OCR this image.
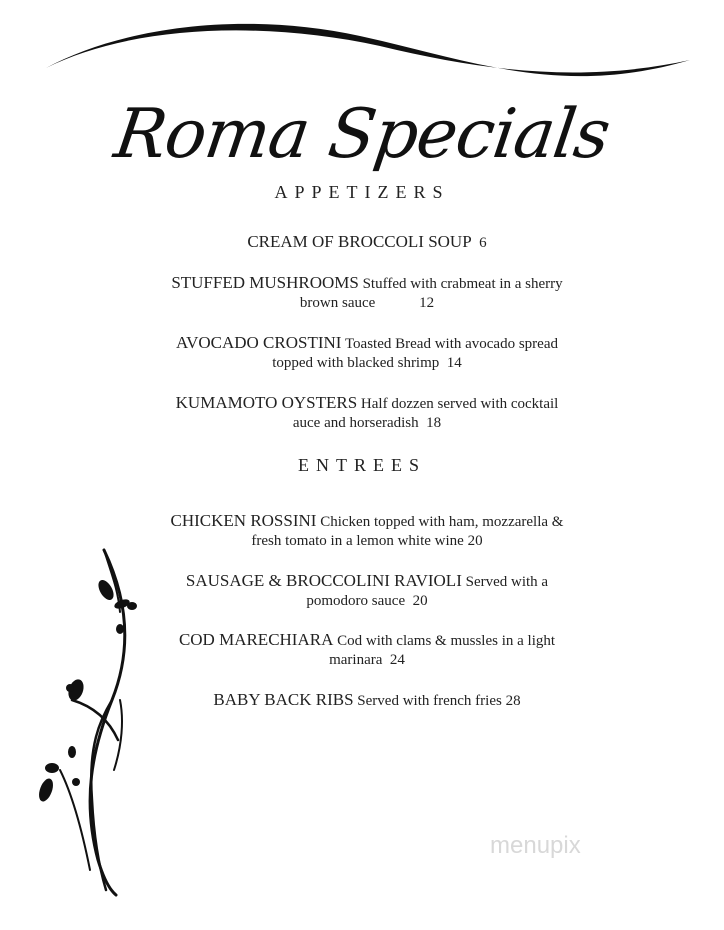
Roma Specials
APPETIZERS
CREAM OF BROCCOLI SOUP 6
STUFFED MUSHROOMS Stuffed with crabmeat in a sherry
brown sauce	12
AVOCADO CROSTINI Toasted Bread with avocado spread
topped with blacked shrimp 14
KUMAMOTO OYSTERS Half dozzen served with cocktail
auce and horseradish 18
ENTREES
CHICKEN ROSSINI Chicken topped with ham, mozzarella &
fresh tomato in a lemon white wine 20
SAUSAGE & BROCCOLINI RAVIOLI Served with a
pomodoro sauce 20
COD MARECHIARA Cod with clams & mussles in a light
marinara 24
BABY BACK RIBS Served with french fries 28
menupix
